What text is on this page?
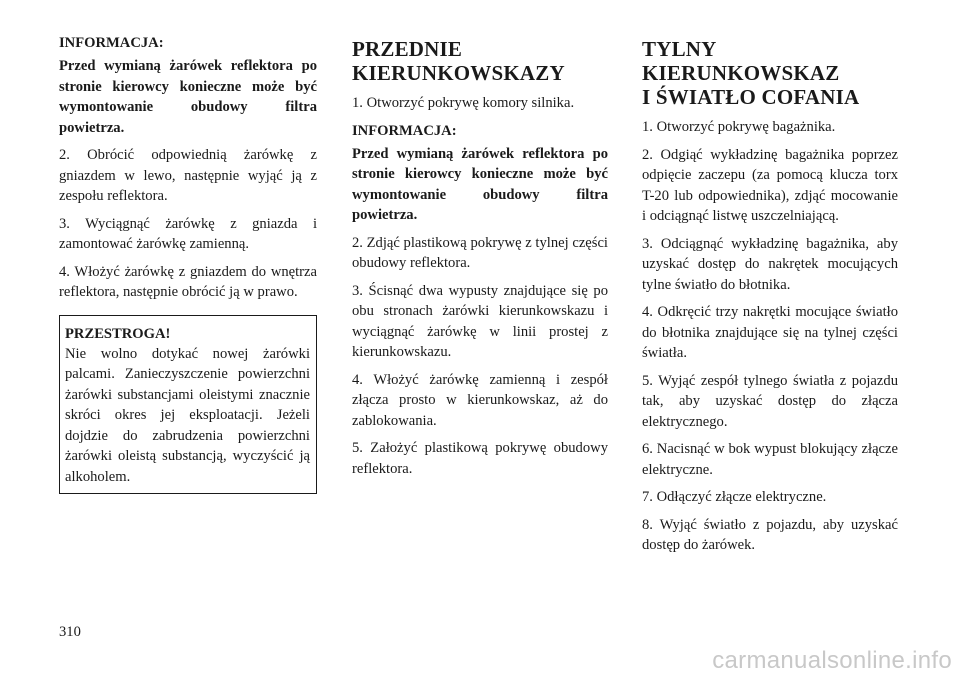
INFORMACJA:

Przed wymianą żarówek reflektora po stronie kierowcy konieczne może być wymontowanie obudowy filtra powietrza.

2. Obrócić odpowiednią żarówkę z gniazdem w lewo, następnie wyjąć ją z zespołu reflektora.

3. Wyciągnąć żarówkę z gniazda i zamontować żarówkę zamienną.

4. Włożyć żarówkę z gniazdem do wnętrza reflektora, następnie obrócić ją w prawo.

PRZESTROGA!

Nie wolno dotykać nowej żarówki palcami. Zanieczyszczenie powierzchni żarówki substancjami oleistymi znacznie skróci okres jej eksploatacji. Jeżeli dojdzie do zabrudzenia powierzchni żarówki oleistą substancją, wyczyścić ją alkoholem.

PRZEDNIE
KIERUNKOWSKAZY

1. Otworzyć pokrywę komory silnika.

INFORMACJA:

Przed wymianą żarówek reflektora po stronie kierowcy konieczne może być wymontowanie obudowy filtra powietrza.

2. Zdjąć plastikową pokrywę z tylnej części obudowy reflektora.

3. Ścisnąć dwa wypusty znajdujące się po obu stronach żarówki kierunkowskazu i wyciągnąć żarówkę w linii prostej z kierunkowskazu.

4. Włożyć żarówkę zamienną i zespół złącza prosto w kierunkowskaz, aż do zablokowania.

5. Założyć plastikową pokrywę obudowy reflektora.

TYLNY KIERUNKOWSKAZ
I ŚWIATŁO COFANIA

1. Otworzyć pokrywę bagażnika.

2. Odgiąć wykładzinę bagażnika poprzez odpięcie zaczepu (za pomocą klucza torx T-20 lub odpowiednika), zdjąć mocowanie i odciągnąć listwę uszczelniającą.

3. Odciągnąć wykładzinę bagażnika, aby uzyskać dostęp do nakrętek mocujących tylne światło do błotnika.

4. Odkręcić trzy nakrętki mocujące światło do błotnika znajdujące się na tylnej części światła.

5. Wyjąć zespół tylnego światła z pojazdu tak, aby uzyskać dostęp do złącza elektrycznego.

6. Nacisnąć w bok wypust blokujący złącze elektryczne.

7. Odłączyć złącze elektryczne.

8. Wyjąć światło z pojazdu, aby uzyskać dostęp do żarówek.

310
carmanualsonline.info
